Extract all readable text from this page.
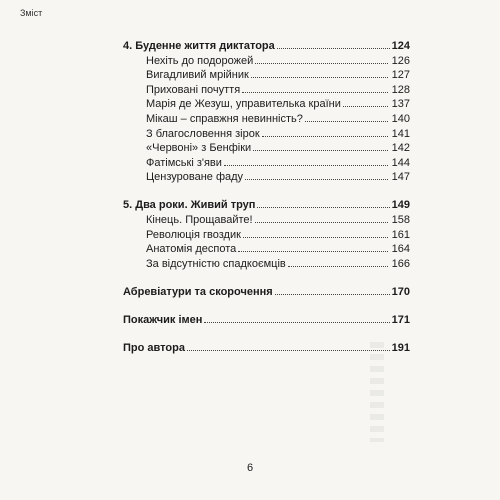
Зміст
4. Буденне життя диктатора	124
Нехіть до подорожей	126
Вигадливий мрійник	127
Приховані почуття	128
Марія де Жезуш, управителька країни	137
Мікаш – справжня невинність?	140
З благословення зірок	141
«Червоні» з Бенфіки	142
Фатімські з'яви	144
Цензуроване фаду	147
5. Два роки. Живий труп	149
Кінець. Прощавайте!	158
Революція гвоздик	161
Анатомія деспота	164
За відсутністю спадкоємців	166
Абревіатури та скорочення	170
Покажчик імен	171
Про автора	191
6
